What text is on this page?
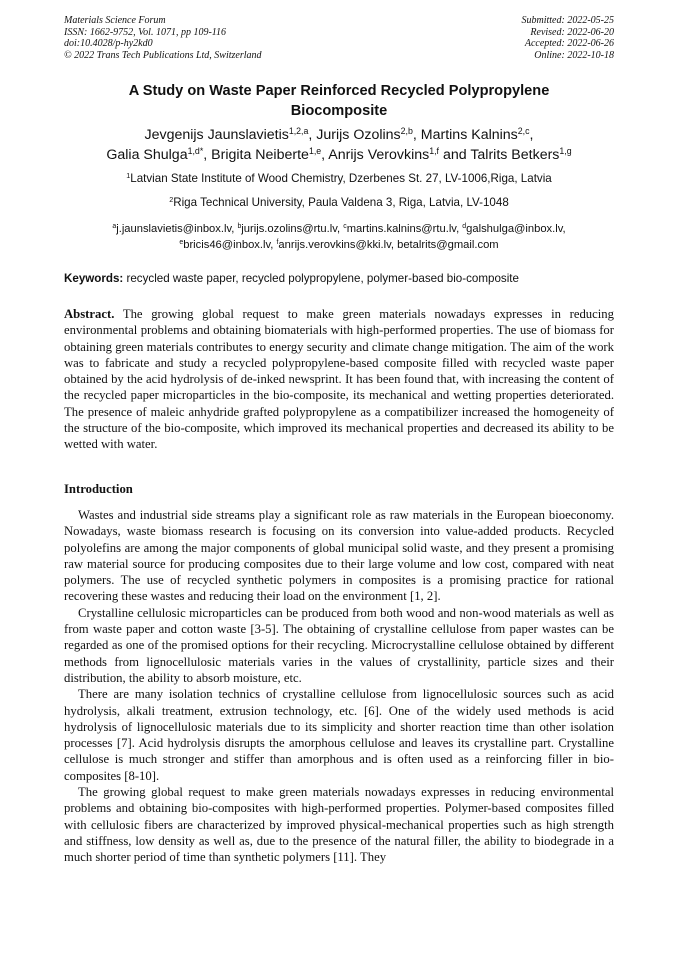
Materials Science Forum
ISSN: 1662-9752, Vol. 1071, pp 109-116
doi:10.4028/p-hy2kd0
© 2022 Trans Tech Publications Ltd, Switzerland
Submitted: 2022-05-25
Revised: 2022-06-20
Accepted: 2022-06-26
Online: 2022-10-18
A Study on Waste Paper Reinforced Recycled Polypropylene
Biocomposite
Jevgenijs Jaunslavietis$^{1,2,a}$, Jurijs Ozolins$^{2,b}$, Martins Kalnins$^{2,c}$,
Galia Shulga$^{1,d*}$, Brigita Neiberte$^{1,e}$, Anrijs Verovkins$^{1,f}$ and Talrits Betkers$^{1,g}$
$^1$Latvian State Institute of Wood Chemistry, Dzerbenes St. 27, LV-1006,Riga, Latvia
$^2$Riga Technical University, Paula Valdena 3, Riga, Latvia, LV-1048
$^a$j.jaunslavietis@inbox.lv, $^b$jurijs.ozolins@rtu.lv, $^c$martins.kalnins@rtu.lv, $^d$galshulga@inbox.lv,
$^e$bricis46@inbox.lv, $^f$anrijs.verovkins@kki.lv, betalrits@gmail.com
Keywords: recycled waste paper, recycled polypropylene, polymer-based bio-composite
Abstract. The growing global request to make green materials nowadays expresses in reducing environmental problems and obtaining biomaterials with high-performed properties. The use of biomass for obtaining green materials contributes to energy security and climate change mitigation. The aim of the work was to fabricate and study a recycled polypropylene-based composite filled with recycled waste paper obtained by the acid hydrolysis of de-inked newsprint. It has been found that, with increasing the content of the recycled paper microparticles in the bio-composite, its mechanical and wetting properties deteriorated. The presence of maleic anhydride grafted polypropylene as a compatibilizer increased the homogeneity of the structure of the bio-composite, which improved its mechanical properties and decreased its ability to be wetted with water.
Introduction

Wastes and industrial side streams play a significant role as raw materials in the European bioeconomy. Nowadays, waste biomass research is focusing on its conversion into value-added products. Recycled polyolefins are among the major components of global municipal solid waste, and they present a promising raw material source for producing composites due to their large volume and low cost, compared with neat polymers. The use of recycled synthetic polymers in composites is a promising practice for rational recovering these wastes and reducing their load on the environment [1, 2].

Crystalline cellulosic microparticles can be produced from both wood and non-wood materials as well as from waste paper and cotton waste [3-5]. The obtaining of crystalline cellulose from paper wastes can be regarded as one of the promised options for their recycling. Microcrystalline cellulose obtained by different methods from lignocellulosic materials varies in the values of crystallinity, particle sizes and their distribution, the ability to absorb moisture, etc.

There are many isolation technics of crystalline cellulose from lignocellulosic sources such as acid hydrolysis, alkali treatment, extrusion technology, etc. [6]. One of the widely used methods is acid hydrolysis of lignocellulosic materials due to its simplicity and shorter reaction time than other isolation processes [7]. Acid hydrolysis disrupts the amorphous cellulose and leaves its crystalline part. Crystalline cellulose is much stronger and stiffer than amorphous and is often used as a reinforcing filler in bio-composites [8-10].

The growing global request to make green materials nowadays expresses in reducing environmental problems and obtaining bio-composites with high-performed properties. Polymer-based composites filled with cellulosic fibers are characterized by improved physical-mechanical properties such as high strength and stiffness, low density as well as, due to the presence of the natural filler, the ability to biodegrade in a much shorter period of time than synthetic polymers [11]. They
